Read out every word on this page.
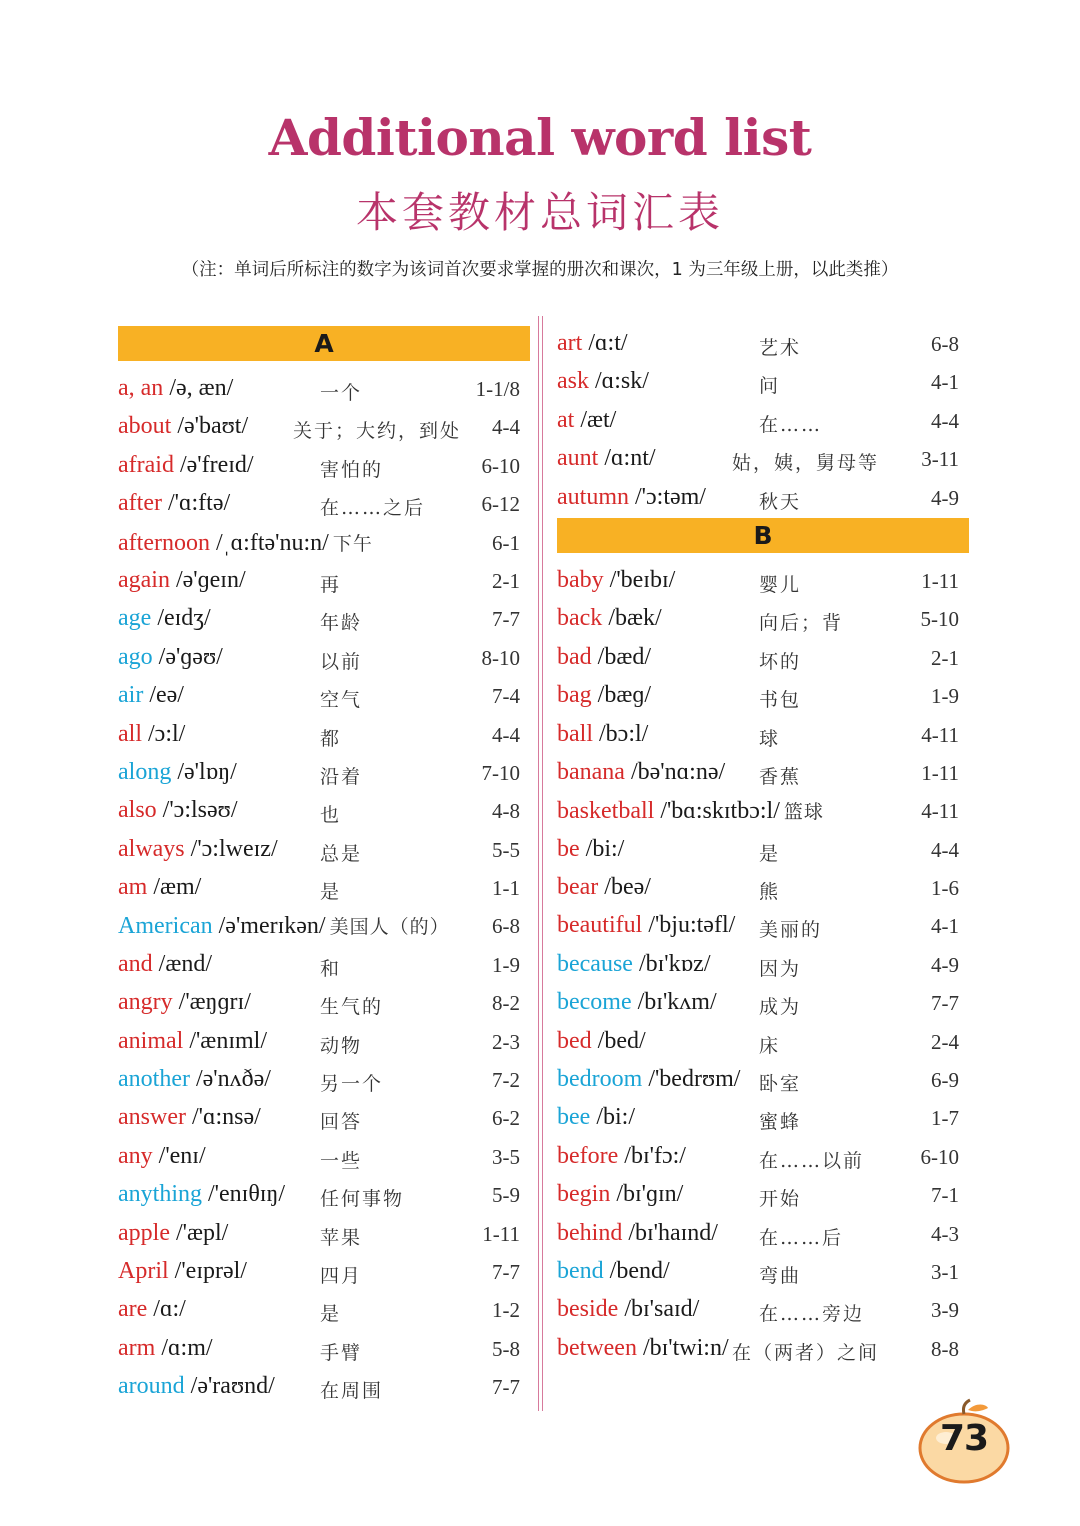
Additional word list
本套教材总词汇表
（注：单词后所标注的数字为该词首次要求掌握的册次和课次，1 为三年级上册，以此类推）
A
a, an /ə, æn/	一个	1-1/8
about /ə'baʊt/ 关于；大约，到处 4-4
afraid /ə'freɪd/	害怕的	6-10
after /'ɑ:ftə/	在……之后	6-12
afternoon /ˌɑ:ftə'nu:n/ 下午	6-1
again /ə'ɡeɪn/	再	2-1
age /eɪdʒ/	年龄	7-7
ago /ə'ɡəʊ/	以前	8-10
air /eə/	空气	7-4
all /ɔ:l/	都	4-4
along /ə'lɒŋ/	沿着	7-10
also /'ɔ:lsəʊ/	也	4-8
always /'ɔ:lweɪz/ 总是	5-5
am /æm/	是	1-1
American /ə'merɪkən/ 美国人（的） 6-8
and /ænd/	和	1-9
angry /'æŋɡrɪ/	生气的	8-2
animal /'ænɪml/	动物	2-3
another /ə'nʌðə/	另一个	7-2
answer /'ɑ:nsə/	回答	6-2
any /'enɪ/	一些	3-5
anything /'enɪθɪŋ/ 任何事物	5-9
apple /'æpl/	苹果	1-11
April /'eɪprəl/	四月	7-7
are /ɑ:/	是	1-2
arm /ɑ:m/	手臂	5-8
around /ə'raʊnd/ 在周围	7-7
art /ɑ:t/	艺术	6-8
ask /ɑ:sk/	问	4-1
at /æt/	在……	4-4
aunt /ɑ:nt/	姑，姨，舅母等 3-11
autumn /'ɔ:təm/	秋天	4-9
B
baby /'beɪbɪ/	婴儿	1-11
back /bæk/	向后；背	5-10
bad /bæd/	坏的	2-1
bag /bæɡ/	书包	1-9
ball /bɔ:l/	球	4-11
banana /bə'nɑ:nə/ 香蕉	1-11
basketball /'bɑ:skɪtbɔ:l/ 篮球	4-11
be /bi:/	是	4-4
bear /beə/	熊	1-6
beautiful /'bju:təfl/ 美丽的	4-1
because /bɪ'kɒz/	因为	4-9
become /bɪ'kʌm/ 成为	7-7
bed /bed/	床	2-4
bedroom /'bedrʊm/ 卧室	6-9
bee /bi:/	蜜蜂	1-7
before /bɪ'fɔ:/	在……以前	6-10
begin /bɪ'ɡɪn/	开始	7-1
behind /bɪ'haɪnd/ 在……后	4-3
bend /bend/	弯曲	3-1
beside /bɪ'saɪd/	在……旁边	3-9
between /bɪ'twi:n/ 在（两者）之间 8-8
73
